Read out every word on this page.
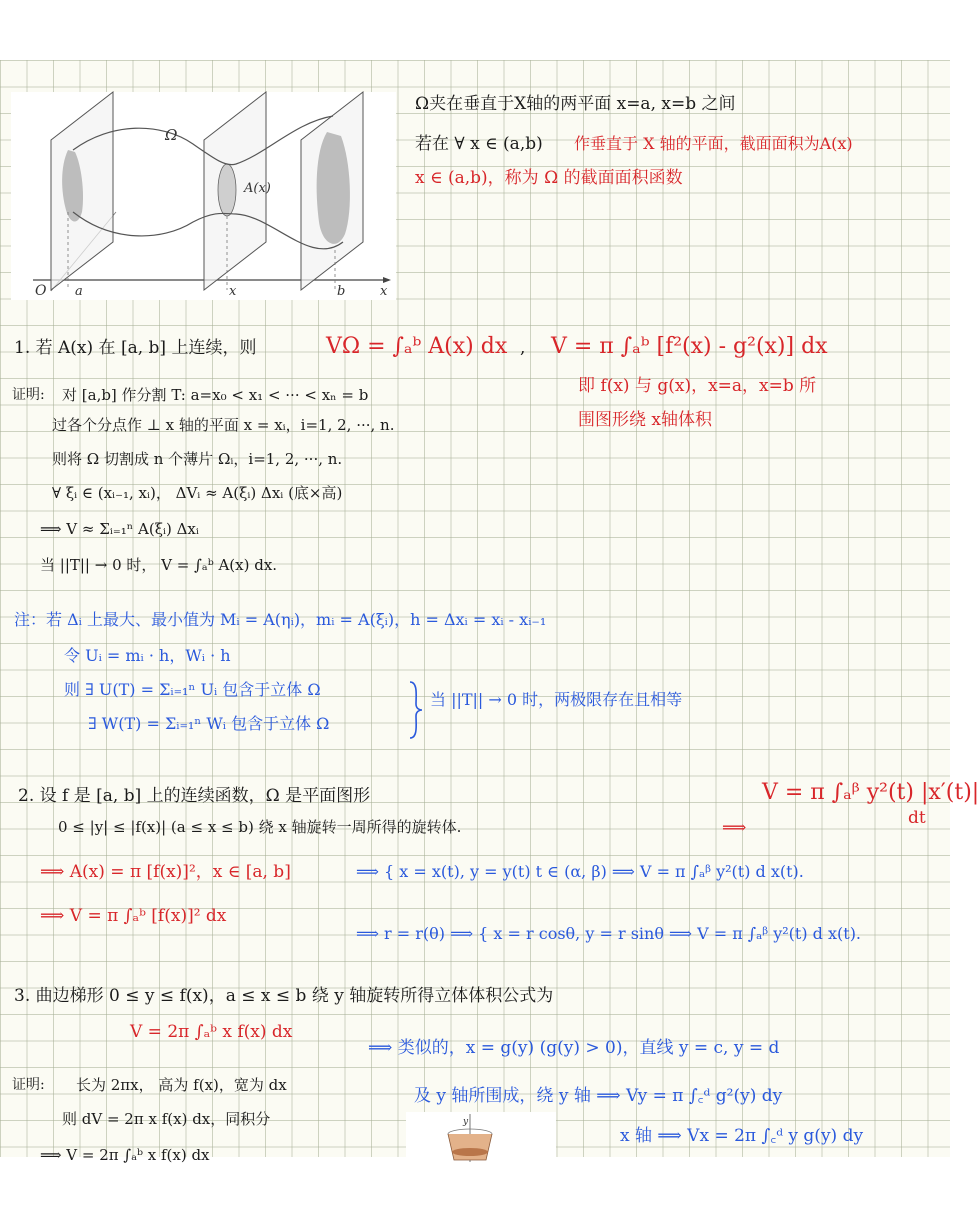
Ω
A(x)
O a	x	b	x
Ω夹在垂直于X轴的两平面 x=a, x=b 之间
若在 ∀ x ∈ (a,b) 作垂直于 X 轴的平面，截面面积为A(x)
x ∈ (a,b)，称为 Ω 的截面面积函数
1. 若 A(x) 在 [a, b] 上连续，则	VΩ = ∫ₐᵇ A(x) dx , V = π ∫ₐᵇ [f²(x) - g²(x)] dx
即 f(x) 与 g(x)，x=a，x=b 所
围图形绕 x轴体积
证明: 对 [a,b] 作分割 T: a=x₀ < x₁ < ··· < xₙ = b
过各个分点作 ⊥ x 轴的平面 x = xᵢ，i=1, 2, ···, n.
则将 Ω 切割成 n 个薄片 Ωᵢ，i=1, 2, ···, n.
∀ ξᵢ ∈ (xᵢ₋₁, xᵢ)， ΔVᵢ ≈ A(ξᵢ) Δxᵢ (底×高)
⟹ V ≈ Σᵢ₌₁ⁿ A(ξᵢ) Δxᵢ
当 ||T|| → 0 时， V = ∫ₐᵇ A(x) dx.
注：若 Δᵢ 上最大、最小值为 Mᵢ = A(ηᵢ)，mᵢ = A(ξᵢ)，h = Δxᵢ = xᵢ - xᵢ₋₁
令 Uᵢ = mᵢ · h，Wᵢ · h
则 ∃ U(T) = Σᵢ₌₁ⁿ Uᵢ 包含于立体 Ω
∃ W(T) = Σᵢ₌₁ⁿ Wᵢ 包含于立体 Ω
当 ||T|| → 0 时，两极限存在且相等
2. 设 f 是 [a, b] 上的连续函数，Ω 是平面图形
0 ≤ |y| ≤ |f(x)| (a ≤ x ≤ b) 绕 x 轴旋转一周所得的旋转体.	⟹
V = π ∫ₐᵝ y²(t) |x′(t)|
dt
⟹ A(x) = π [f(x)]²，x ∈ [a, b]
⟹ V = π ∫ₐᵇ [f(x)]² dx
⟹ { x = x(t), y = y(t) t ∈ (α, β) ⟹ V = π ∫ₐᵝ y²(t) d x(t).
⟹ r = r(θ) ⟹ { x = r cosθ, y = r sinθ ⟹ V = π ∫ₐᵝ y²(t) d x(t).
3. 曲边梯形 0 ≤ y ≤ f(x)，a ≤ x ≤ b 绕 y 轴旋转所得立体体积公式为
V = 2π ∫ₐᵇ x f(x) dx
⟹ 类似的，x = g(y) (g(y) > 0)，直线 y = c, y = d
及 y 轴所围成，绕 y 轴 ⟹ Vy = π ∫꜀ᵈ g²(y) dy
x 轴 ⟹ Vx = 2π ∫꜀ᵈ y g(y) dy
证明: 长为 2πx， 高为 f(x)，宽为 dx
则 dV = 2π x f(x) dx，同积分
⟹ V = 2π ∫ₐᵇ x f(x) dx
y
